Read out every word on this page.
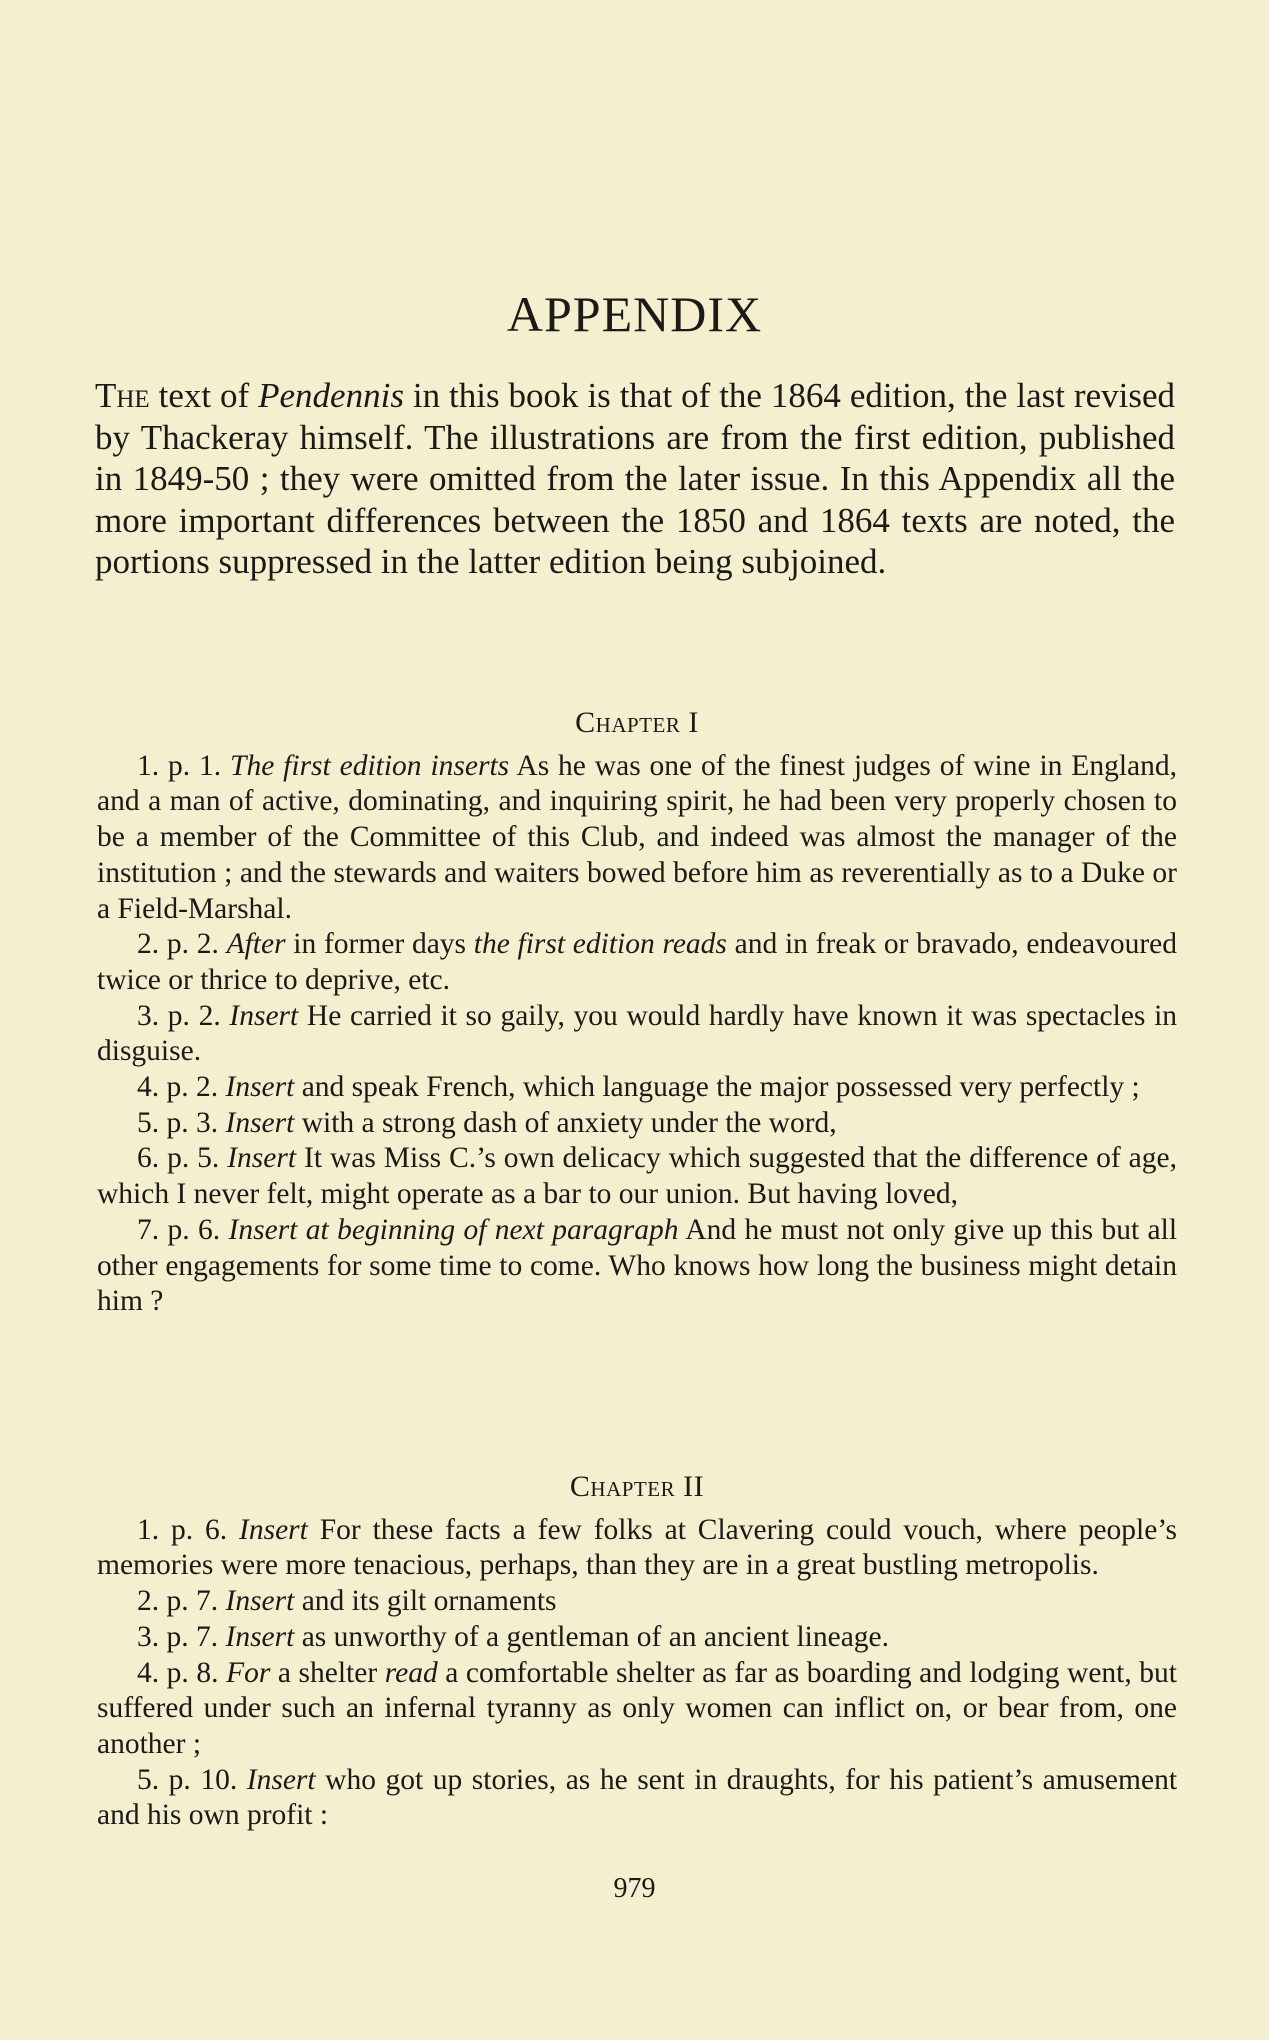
APPENDIX
The text of Pendennis in this book is that of the 1864 edition, the last revised by Thackeray himself. The illustrations are from the first edition, published in 1849-50 ; they were omitted from the later issue. In this Appendix all the more important differences between the 1850 and 1864 texts are noted, the portions suppressed in the latter edition being subjoined.
Chapter I

1. p. 1. The first edition inserts As he was one of the finest judges of wine in England, and a man of active, dominating, and inquiring spirit, he had been very properly chosen to be a member of the Committee of this Club, and indeed was almost the manager of the institution ; and the stewards and waiters bowed before him as reverentially as to a Duke or a Field-Marshal.

2. p. 2. After in former days the first edition reads and in freak or bravado, endeavoured twice or thrice to deprive, etc.

3. p. 2. Insert He carried it so gaily, you would hardly have known it was spectacles in disguise.

4. p. 2. Insert and speak French, which language the major possessed very perfectly ;

5. p. 3. Insert with a strong dash of anxiety under the word,

6. p. 5. Insert It was Miss C.’s own delicacy which suggested that the difference of age, which I never felt, might operate as a bar to our union. But having loved,

7. p. 6. Insert at beginning of next paragraph And he must not only give up this but all other engagements for some time to come. Who knows how long the business might detain him ?

Chapter II

1. p. 6. Insert For these facts a few folks at Clavering could vouch, where people’s memories were more tenacious, perhaps, than they are in a great bustling metropolis.

2. p. 7. Insert and its gilt ornaments

3. p. 7. Insert as unworthy of a gentleman of an ancient lineage.

4. p. 8. For a shelter read a comfortable shelter as far as boarding and lodging went, but suffered under such an infernal tyranny as only women can inflict on, or bear from, one another ;

5. p. 10. Insert who got up stories, as he sent in draughts, for his patient’s amusement and his own profit :

979
